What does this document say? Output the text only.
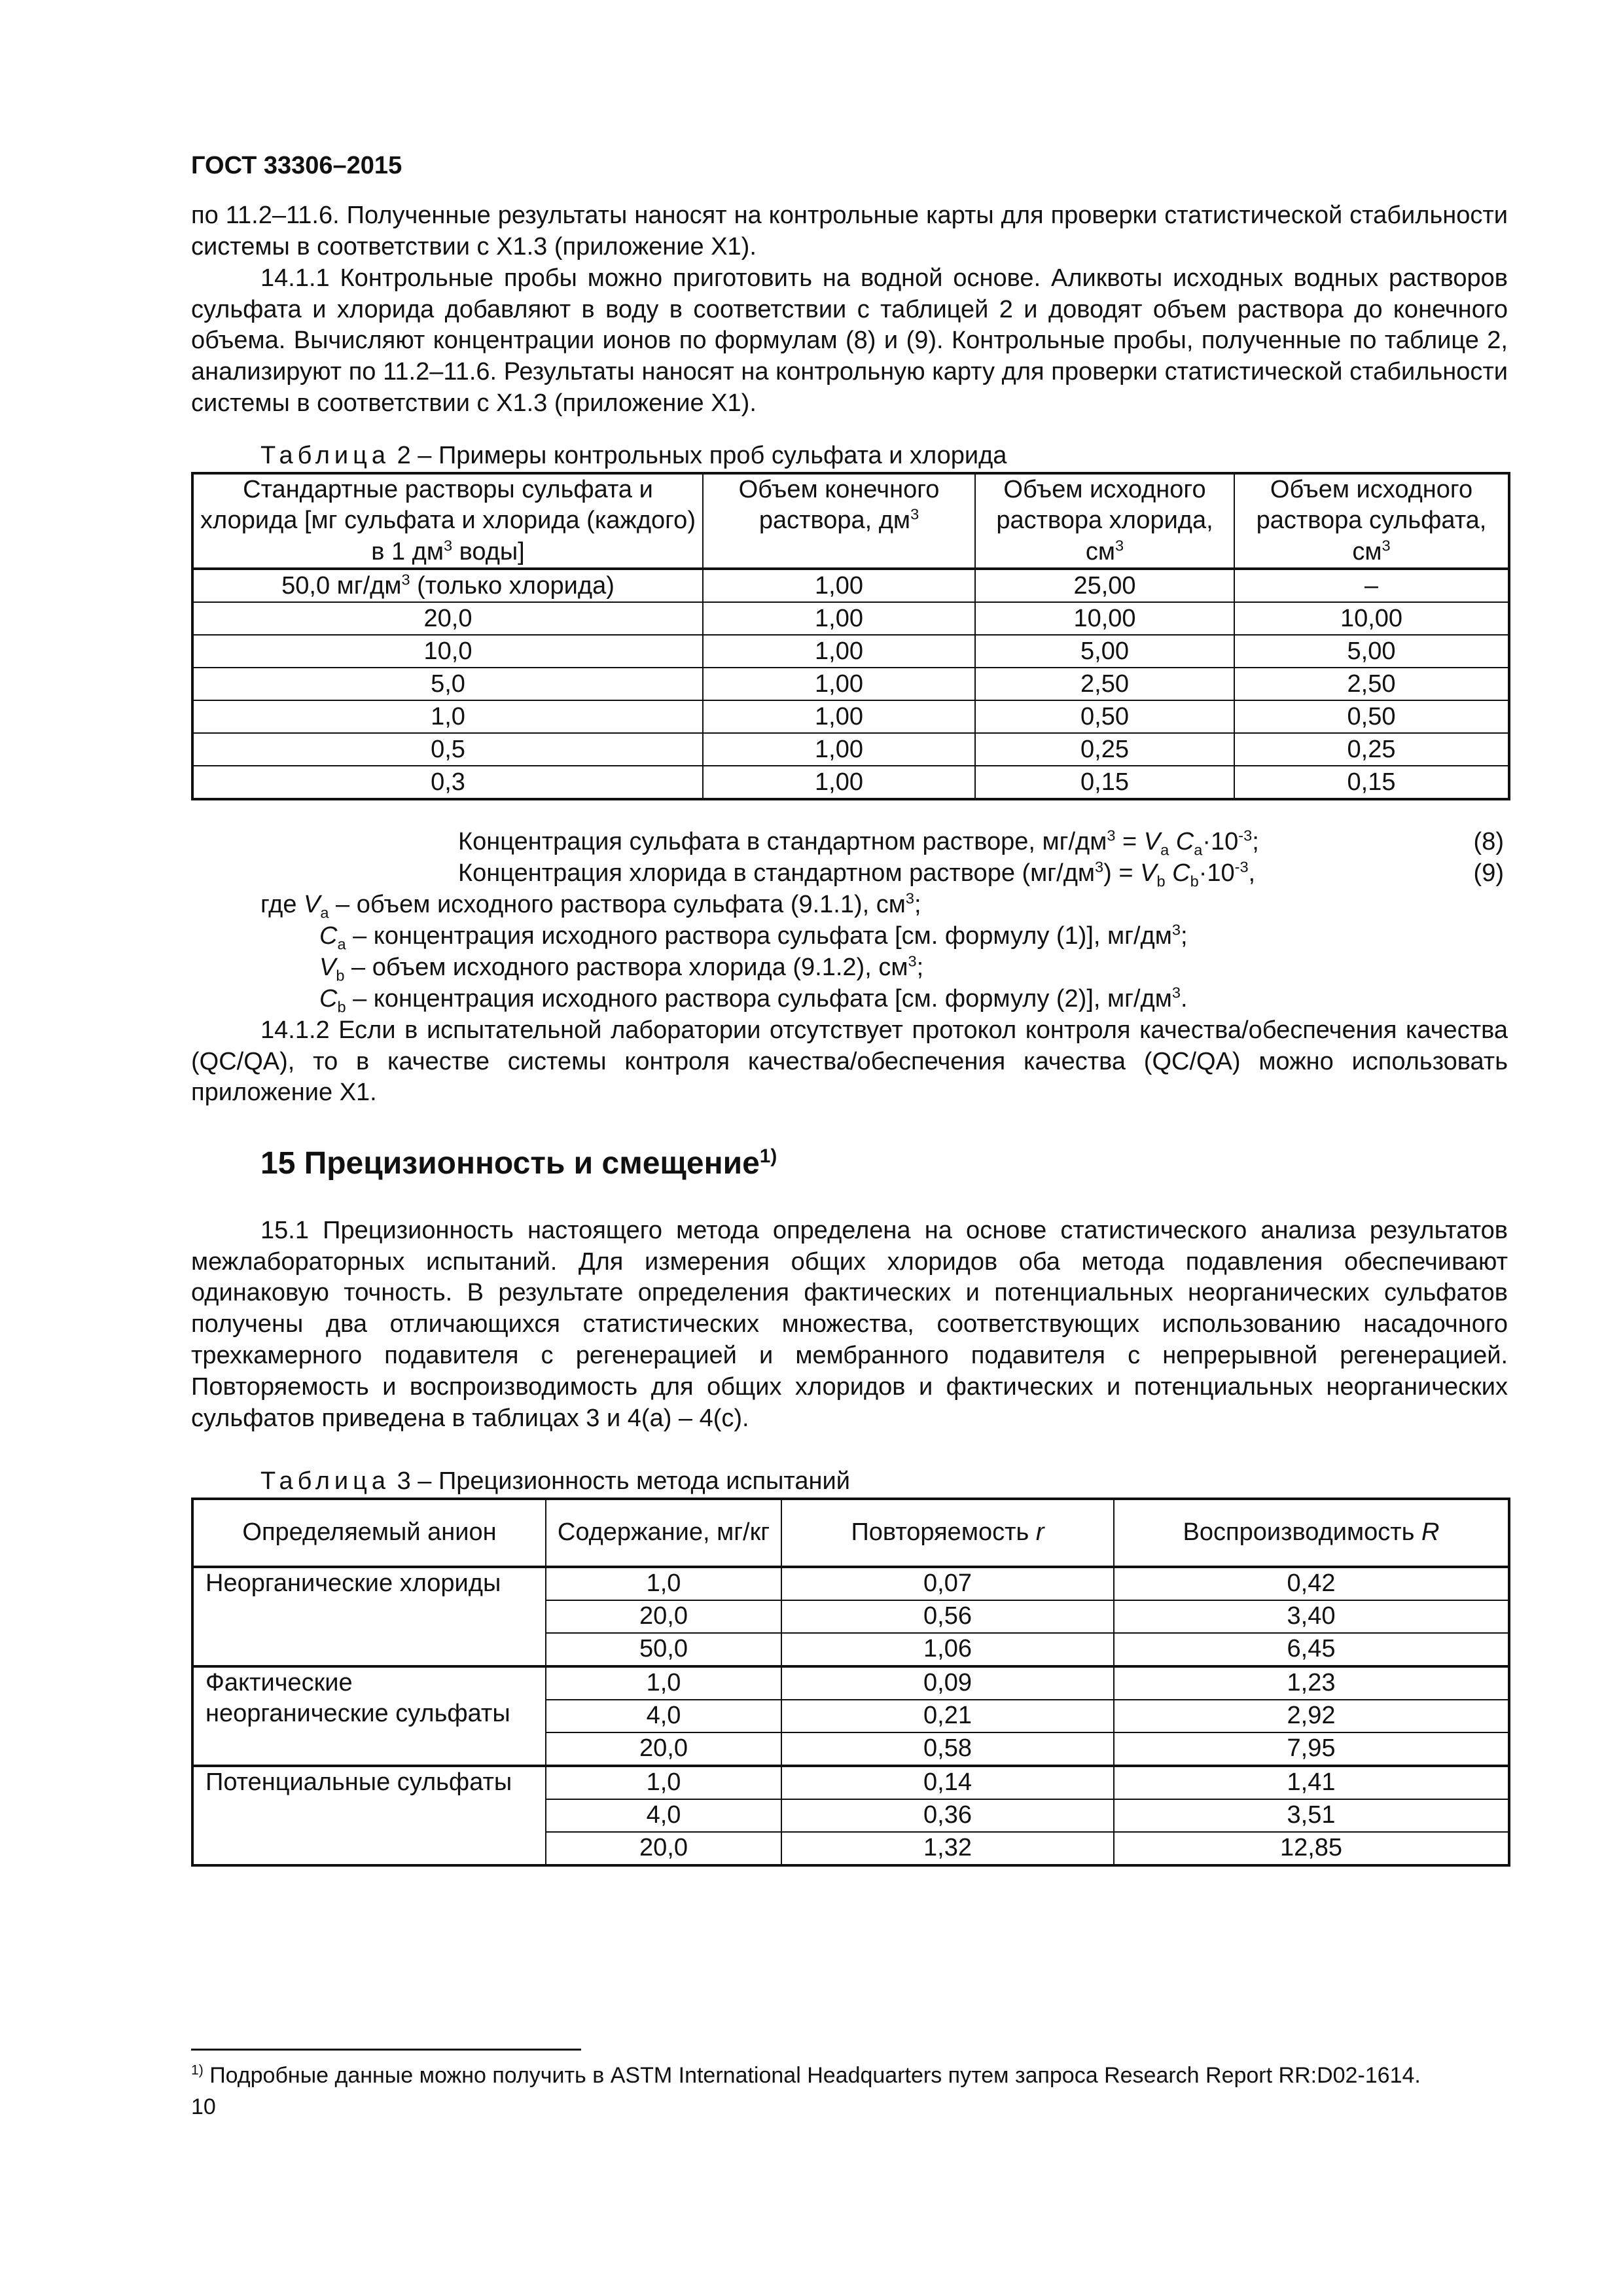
ГОСТ 33306–2015

по 11.2–11.6. Полученные результаты наносят на контрольные карты для проверки статистической стабильности системы в соответствии с X1.3 (приложение X1).

14.1.1 Контрольные пробы можно приготовить на водной основе. Аликвоты исходных водных растворов сульфата и хлорида добавляют в воду в соответствии с таблицей 2 и доводят объем раствора до конечного объема. Вычисляют концентрации ионов по формулам (8) и (9). Контрольные пробы, полученные по таблице 2, анализируют по 11.2–11.6. Результаты наносят на контрольную карту для проверки статистической стабильности системы в соответствии с X1.3 (приложение X1).

Таблица 2 – Примеры контрольных проб сульфата и хлорида
Стандартные растворы сульфата и хлорида [мг сульфата и хлорида (каждого) в 1 $дм^3$ воды]	Объем конечного раствора, $дм^3$	Объем исходного раствора хлорида, $см^3$	Объем исходного раствора сульфата, $см^3$
50,0 $мг/дм^3$ (только хлорида)	1,00	25,00	–
20,0	1,00	10,00	10,00
10,0	1,00	5,00	5,00
5,0	1,00	2,50	2,50
1,0	1,00	0,50	0,50
0,5	1,00	0,25	0,25
0,3	1,00	0,15	0,15
Концентрация сульфата в стандартном растворе, $мг/дм^3 = V_a$ $C_a\cdot 10^{-3}$;	(8)
Концентрация хлорида в стандартном растворе $(мг/дм^3) = V_b$ $C_b\cdot 10^{-3}$,	(9)
где $V_a$ – объем исходного раствора сульфата (9.1.1), $см^3$;
$C_a$ – концентрация исходного раствора сульфата [см. формулу (1)], $мг/дм^3$;
$V_b$ – объем исходного раствора хлорида (9.1.2), $см^3$;
$C_b$ – концентрация исходного раствора сульфата [см. формулу (2)], $мг/дм^3$.

14.1.2 Если в испытательной лаборатории отсутствует протокол контроля качества/обеспечения качества (QC/QA), то в качестве системы контроля качества/обеспечения качества (QC/QA) можно использовать приложение X1.

15 Прецизионность и смещение$^{1)}$

15.1 Прецизионность настоящего метода определена на основе статистического анализа результатов межлабораторных испытаний. Для измерения общих хлоридов оба метода подавления обеспечивают одинаковую точность. В результате определения фактических и потенциальных неорганических сульфатов получены два отличающихся статистических множества, соответствующих использованию насадочного трехкамерного подавителя с регенерацией и мембранного подавителя с непрерывной регенерацией. Повторяемость и воспроизводимость для общих хлоридов и фактических и потенциальных неорганических сульфатов приведена в таблицах 3 и 4(a) – 4(c).

Таблица 3 – Прецизионность метода испытаний
Определяемый анион	Содержание, мг/кг	Повторяемость r	Воспроизводимость R
Неорганические хлориды	1,0	0,07	0,42
	20,0	0,56	3,40
	50,0	1,06	6,45
Фактические неорганические сульфаты	1,0	0,09	1,23
	4,0	0,21	2,92
	20,0	0,58	7,95
Потенциальные сульфаты	1,0	0,14	1,41
	4,0	0,36	3,51
	20,0	1,32	12,85
$^{1)}$ Подробные данные можно получить в ASTM International Headquarters путем запроса Research Report RR:D02-1614.
10
